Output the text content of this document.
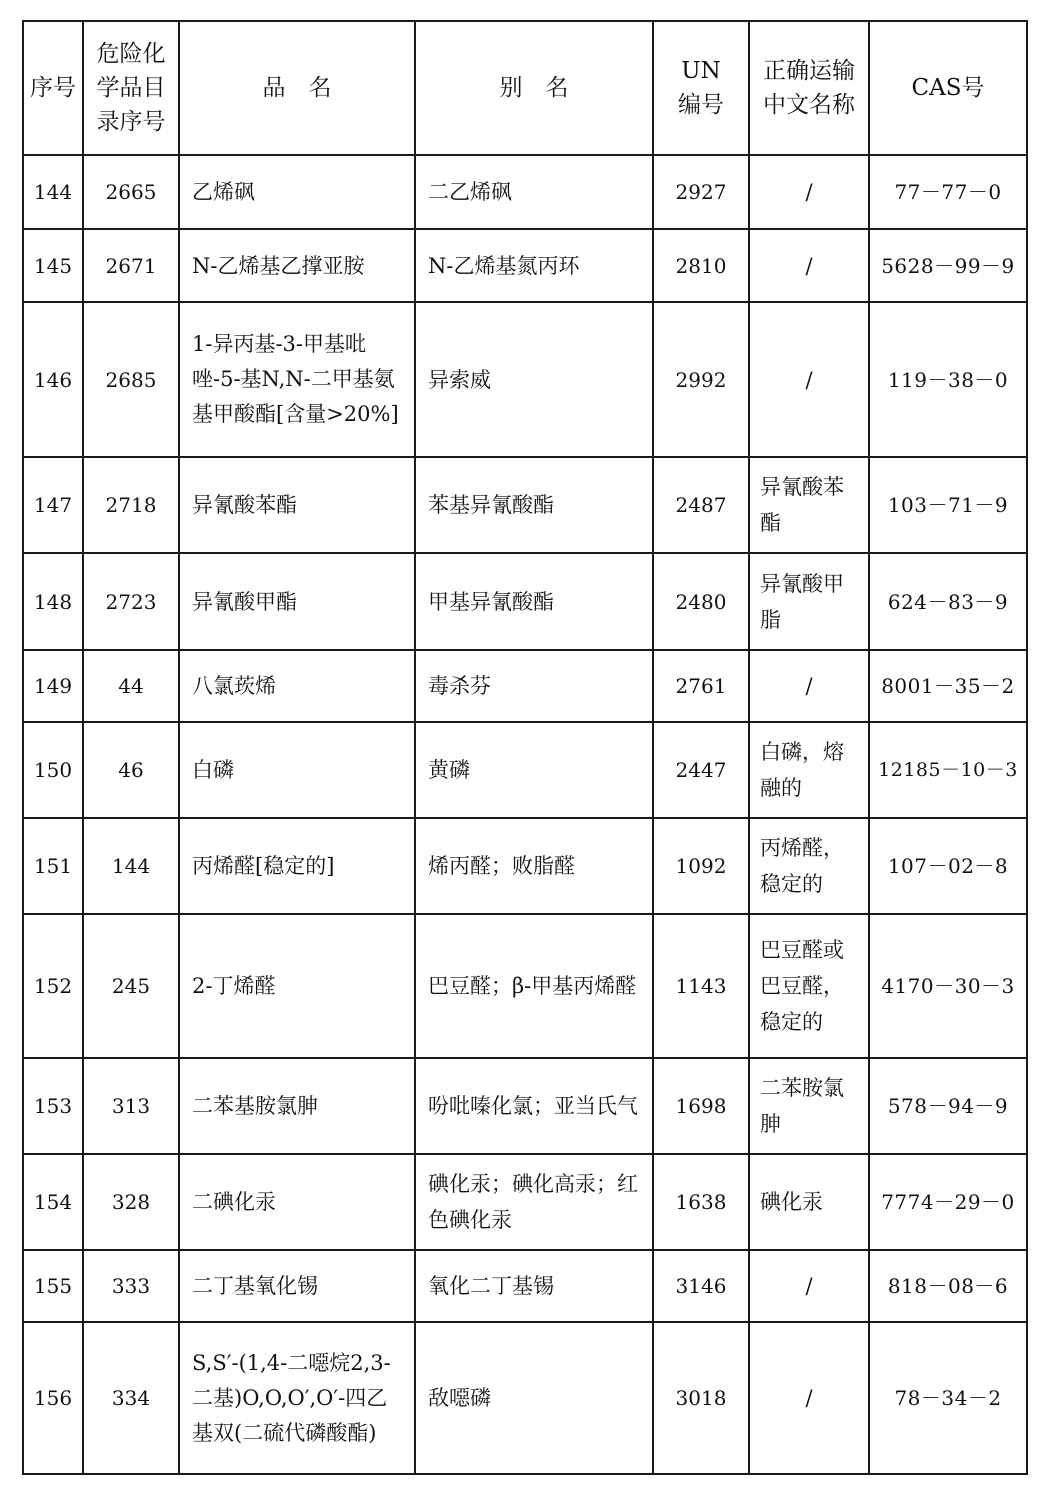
序号	危险化学品目录序号	品　名	别　名	UN编号	正确运输中文名称	CAS号
144	2665	乙烯砜	二乙烯砜	2927	/	77－77－0
145	2671	N-乙烯基乙撑亚胺	N-乙烯基氮丙环	2810	/	5628－99－9
146	2685	1-异丙基-3-甲基吡唑-5-基N,N-二甲基氨基甲酸酯[含量>20%]	异索威	2992	/	119－38－0
147	2718	异氰酸苯酯	苯基异氰酸酯	2487	异氰酸苯酯	103－71－9
148	2723	异氰酸甲酯	甲基异氰酸酯	2480	异氰酸甲脂	624－83－9
149	44	八氯莰烯	毒杀芬	2761	/	8001－35－2
150	46	白磷	黄磷	2447	白磷，熔融的	12185－10－3
151	144	丙烯醛[稳定的]	烯丙醛；败脂醛	1092	丙烯醛，稳定的	107－02－8
152	245	2-丁烯醛	巴豆醛；β-甲基丙烯醛	1143	巴豆醛或巴豆醛，稳定的	4170－30－3
153	313	二苯基胺氯胂	吩吡嗪化氯；亚当氏气	1698	二苯胺氯胂	578－94－9
154	328	二碘化汞	碘化汞；碘化高汞；红色碘化汞	1638	碘化汞	7774－29－0
155	333	二丁基氧化锡	氧化二丁基锡	3146	/	818－08－6
156	334	S,S′-(1,4-二噁烷2,3-二基)O,O,O′,O′-四乙基双(二硫代磷酸酯)	敌噁磷	3018	/	78－34－2
